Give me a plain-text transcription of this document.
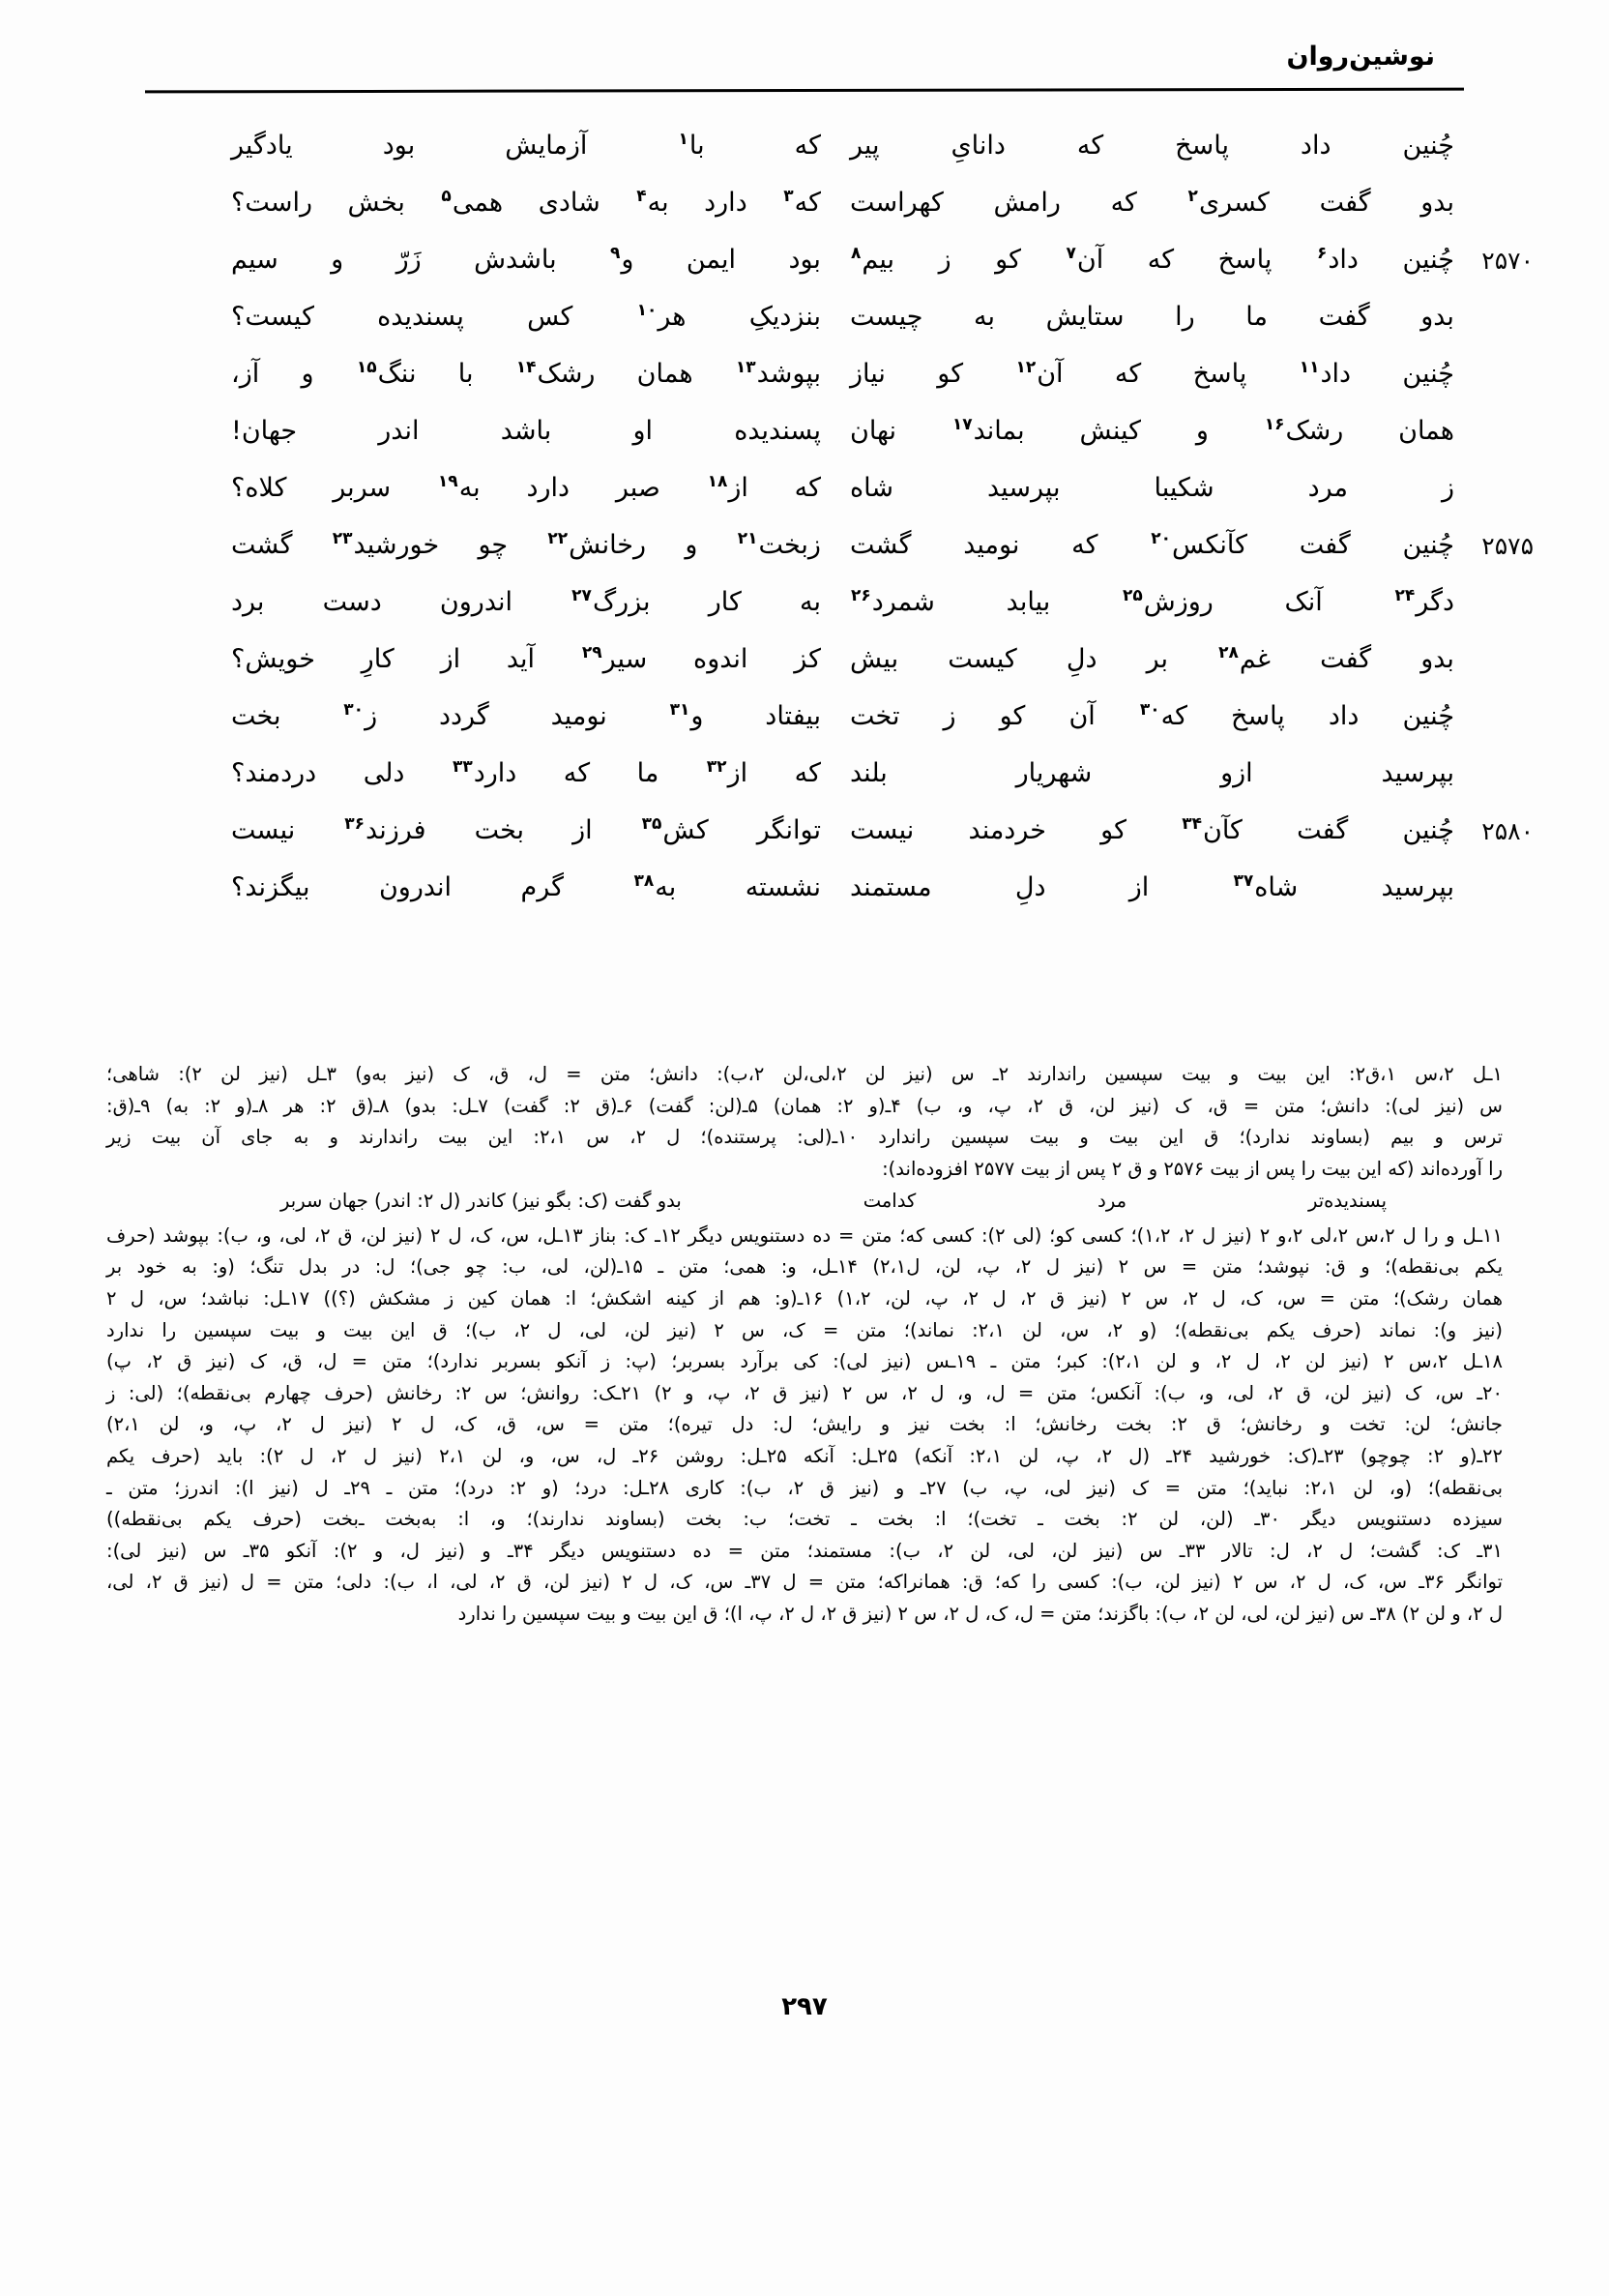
نوشین‌روان
چُنین داد پاسخ که دانایِ پیر
که با$^۱$ آزمایش بود یادگیر
بدو گفت کسری$^۲$ که رامش کهراست
که$^۳$ دارد به$^۴$ شادی همی$^۵$ بخش راست؟
۲۵۷۰
چُنین داد$^۶$ پاسخ که آن$^۷$ کو ز بیم$^۸$
بود ایمن و$^۹$ باشدش زَرّ و سیم
بدو گفت ما را ستایش به چیست
بنزدیکِ هر$^{۱۰}$ کس پسندیده کیست؟
چُنین داد$^{۱۱}$ پاسخ که آن$^{۱۲}$ کو نیاز
بپوشد$^{۱۳}$ همان رشک$^{۱۴}$ با ننگ$^{۱۵}$ و آز،
همان رشک$^{۱۶}$ و کینش بماند$^{۱۷}$ نهان
پسندیده او باشد اندر جهان!
ز مرد شکیبا بپرسید شاه
که از$^{۱۸}$ صبر دارد به$^{۱۹}$ سربر کلاه؟
۲۵۷۵
چُنین گفت کآنکس$^{۲۰}$ که نومید گشت
زبخت$^{۲۱}$ و رخانش$^{۲۲}$ چو خورشید$^{۲۳}$ گشت
دگر$^{۲۴}$ آنک روزش$^{۲۵}$ بیابد شمرد$^{۲۶}$
به کار بزرگ$^{۲۷}$ اندرون دست برد
بدو گفت غم$^{۲۸}$ بر دلِ کیست بیش
کز اندوه سیر$^{۲۹}$ آید از کارِ خویش؟
چُنین داد پاسخ که$^{۳۰}$ آن کو ز تخت
بیفتاد و$^{۳۱}$ نومید گردد ز$^{۳۰}$ بخت
بپرسید ازو شهریار بلند
که از$^{۳۲}$ ما که دارد$^{۳۳}$ دلی دردمند؟
۲۵۸۰
چُنین گفت کآن$^{۳۴}$ کو خردمند نیست
توانگر کش$^{۳۵}$ از بخت فرزند$^{۳۶}$ نیست
بپرسید شاه$^{۳۷}$ از دلِ مستمند
نشسته به$^{۳۸}$ گرم اندرون بیگزند؟

۱ـل ۲،س ۱،ق۲: این بیت و بیت سپسین راندارند ۲ـ س (نیز لن ۲،لی،لن ۲،ب): دانش؛ متن = ل، ق، ک (نیز به‌و) ۳ـل (نیز لن ۲): شاهی؛

س (نیز لی): دانش؛ متن = ق، ک (نیز لن، ق ۲، پ، و، ب) ۴ـ(و ۲: همان) ۵ـ(لن: گفت) ۶ـ(ق ۲: گفت) ۷ـل: بدو) ۸ـ(ق ۲: هر ۸ـ(و ۲: به) ۹ـ(ق:

ترس و بیم (بساوند ندارد)؛ ق این بیت و بیت سپسین راندارد ۱۰ـ(لی: پرستنده)؛ ل ۲، س ۲،۱: این بیت راندارند و به جای آن بیت زیر

را آورده‌اند (که این بیت را پس از بیت ۲۵۷۶ و ق ۲ پس از بیت ۲۵۷۷ افزوده‌اند):

بدو گفت (ک: بگو نیز) کاندر (ل ۲: اندر) جهان سربر	کدامت	مرد	پسندیده‌تر

۱۱ـل و را ل ۲،س ۲،لی ۲،و ۲ (نیز ل ۲، ۱،۲)؛ کسی کو؛ (لی ۲): کسی که؛ متن = ده دستنویس دیگر ۱۲ـ ک: بناز ۱۳ـل، س، ک، ل ۲ (نیز لن، ق ۲، لی، و، ب): بپوشد (حرف

یکم بی‌نقطه)؛ و ق: نپوشد؛ متن = س ۲ (نیز ل ۲، پ، لن، ل۲،۱) ۱۴ـل، و: همی؛ متن ـ ۱۵ـ(لن، لی، ب: چو جی)؛ ل: در بدل تنگ؛ (و: به خود بر

همان رشک)؛ متن = س، ک، ل ۲، س ۲ (نیز ق ۲، ل ۲، پ، لن، ۱،۲) ۱۶ـ(و: هم از کینه اشکش؛ ا: همان کین ز مشکش (؟)) ۱۷ـل: نباشد؛ س، ل ۲

(نیز و): نماند (حرف یکم بی‌نقطه)؛ (و ۲، س، لن ۲،۱: نماند)؛ متن = ک، س ۲ (نیز لن، لی، ل ۲، ب)؛ ق این بیت و بیت سپسین را ندارد

۱۸ـل ۲،س ۲ (نیز لن ۲، ل ۲، و لن ۲،۱): کبر؛ متن ـ ۱۹ـس (نیز لی): کی برآرد بسربر؛ (پ: ز آنکو بسربر ندارد)؛ متن = ل، ق، ک (نیز ق ۲، پ)

۲۰ـ س، ک (نیز لن، ق ۲، لی، و، ب): آنکس؛ متن = ل، و، ل ۲، س ۲ (نیز ق ۲، پ، و ۲) ۲۱ـک: روانش؛ س ۲: رخانش (حرف چهارم بی‌نقطه)؛ (لی: ز

جانش؛ لن: تخت و رخانش؛ ق ۲: بخت رخانش؛ ا: بخت نیز و رایش؛ ل: دل تیره)؛ متن = س، ق، ک، ل ۲ (نیز ل ۲، پ، و، لن ۲،۱)

۲۲ـ(و ۲: چوچو) ۲۳ـ(ک: خورشید ۲۴ـ (ل ۲، پ، لن ۲،۱: آنکه) ۲۵ـل: آنکه ۲۵ـل: روشن ۲۶ـ ل، س، و، لن ۲،۱ (نیز ل ۲، ل ۲): باید (حرف یکم

بی‌نقطه)؛ (و، لن ۲،۱: نباید)؛ متن = ک (نیز لی، پ، ب) ۲۷ـ و (نیز ق ۲، ب): کاری ۲۸ـل: درد؛ (و ۲: درد)؛ متن ـ ۲۹ـ ل (نیز ا): اندرز؛ متن ـ

سیزده دستنویس دیگر ۳۰ـ (لن، لن ۲: بخت ـ تخت)؛ ا: بخت ـ تخت؛ ب: بخت (بساوند ندارند)؛ و، ا: به‌بخت ـ‌بخت (حرف یکم بی‌نقطه))

۳۱ـ ک: گشت؛ ل ۲، ل: تالار ۳۳ـ س (نیز لن، لی، لن ۲، ب): مستمند؛ متن = ده دستنویس دیگر ۳۴ـ و (نیز ل، و ۲): آنکو ۳۵ـ س (نیز لی):

توانگر ۳۶ـ س، ک، ل ۲، س ۲ (نیز لن، ب): کسی را که؛ ق: همانراکه؛ متن = ل ۳۷ـ س، ک، ل ۲ (نیز لن، ق ۲، لی، ا، ب): دلی؛ متن = ل (نیز ق ۲، لی،

ل ۲، و لن ۲) ۳۸ـ س (نیز لن، لی، لن ۲، ب): باگزند؛ متن = ل، ک، ل ۲، س ۲ (نیز ق ۲، ل ۲، پ، ا)؛ ق این بیت و بیت سپسین را ندارد

۲۹۷
